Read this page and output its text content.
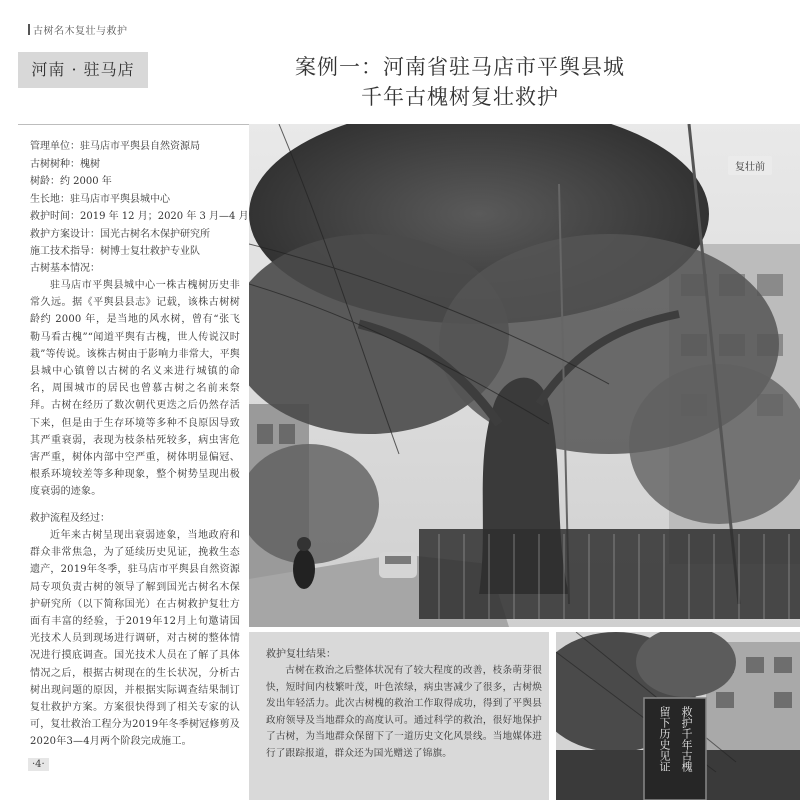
古树名木复壮与救护
河南 · 驻马店	案例一：河南省驻马店市平舆县城
千年古槐树复壮救护
管理单位：驻马店市平舆县自然资源局
古树树种：槐树
树龄：约 2000 年
生长地：驻马店市平舆县城中心
救护时间：2019 年 12 月；2020 年 3 月—4 月
救护方案设计：国光古树名木保护研究所
施工技术指导：树博士复壮救护专业队
古树基本情况：
驻马店市平舆县城中心一株古槐树历史非常久远。据《平舆县县志》记载，该株古树树龄约 2000 年，是当地的风水树，曾有“张飞勒马看古槐”“闻道平舆有古槐，世人传说汉时栽”等传说。该株古树由于影响力非常大，平舆县城中心镇曾以古树的名义来进行城镇的命名，周围城市的居民也曾慕古树之名前来祭拜。古树在经历了数次朝代更迭之后仍然存活下来，但是由于生存环境等多种不良原因导致其严重衰弱，表现为枝条枯死较多，病虫害危害严重，树体内部中空严重，树体明显偏冠、根系环境较差等多种现象，整个树势呈现出极度衰弱的迹象。
救护流程及经过：
近年来古树呈现出衰弱迹象，当地政府和群众非常焦急，为了延续历史见证，挽救生态遗产，2019年冬季，驻马店市平舆县自然资源局专项负责古树的领导了解到国光古树名木保护研究所（以下简称国光）在古树救护复壮方面有丰富的经验，于2019年12月上旬邀请国光技术人员到现场进行调研，对古树的整体情况进行摸底调查。国光技术人员在了解了具体情况之后，根据古树现在的生长状况，分析古树出现问题的原因，并根据实际调查结果制订复壮救护方案。方案很快得到了相关专家的认可，复壮救治工程分为2019年冬季树冠修剪及2020年3—4月两个阶段完成施工。
·4·
复壮前
救护复壮结果：
古树在救治之后整体状况有了较大程度的改善，枝条萌芽很快，短时间内枝繁叶茂，叶色浓绿，病虫害减少了很多，古树焕发出年轻活力。此次古树槐的救治工作取得成功，得到了平舆县政府领导及当地群众的高度认可。通过科学的救治，很好地保护了古树，为当地群众保留下了一道历史文化风景线。当地媒体进行了跟踪报道，群众还为国光赠送了锦旗。	救护千年古槐
留下历史见证
